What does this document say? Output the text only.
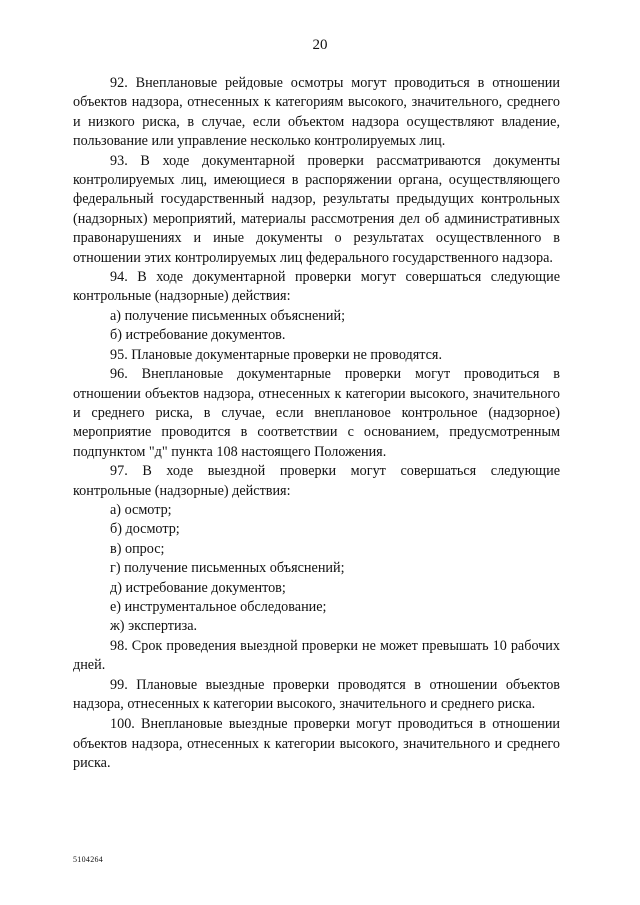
20

92. Внеплановые рейдовые осмотры могут проводиться в отношении объектов надзора, отнесенных к категориям высокого, значительного, среднего и низкого риска, в случае, если объектом надзора осуществляют владение, пользование или управление несколько контролируемых лиц.

93. В ходе документарной проверки рассматриваются документы контролируемых лиц, имеющиеся в распоряжении органа, осуществляющего федеральный государственный надзор, результаты предыдущих контрольных (надзорных) мероприятий, материалы рассмотрения дел об административных правонарушениях и иные документы о результатах осуществленного в отношении этих контролируемых лиц федерального государственного надзора.

94. В ходе документарной проверки могут совершаться следующие контрольные (надзорные) действия:

а) получение письменных объяснений;

б) истребование документов.

95. Плановые документарные проверки не проводятся.

96. Внеплановые документарные проверки могут проводиться в отношении объектов надзора, отнесенных к категории высокого, значительного и среднего риска, в случае, если внеплановое контрольное (надзорное) мероприятие проводится в соответствии с основанием, предусмотренным подпунктом "д" пункта 108 настоящего Положения.

97. В ходе выездной проверки могут совершаться следующие контрольные (надзорные) действия:

а) осмотр;

б) досмотр;

в) опрос;

г) получение письменных объяснений;

д) истребование документов;

е) инструментальное обследование;

ж) экспертиза.

98. Срок проведения выездной проверки не может превышать 10 рабочих дней.

99. Плановые выездные проверки проводятся в отношении объектов надзора, отнесенных к категории высокого, значительного и среднего риска.

100. Внеплановые выездные проверки могут проводиться в отношении объектов надзора, отнесенных к категории высокого, значительного и среднего риска.

5104264
